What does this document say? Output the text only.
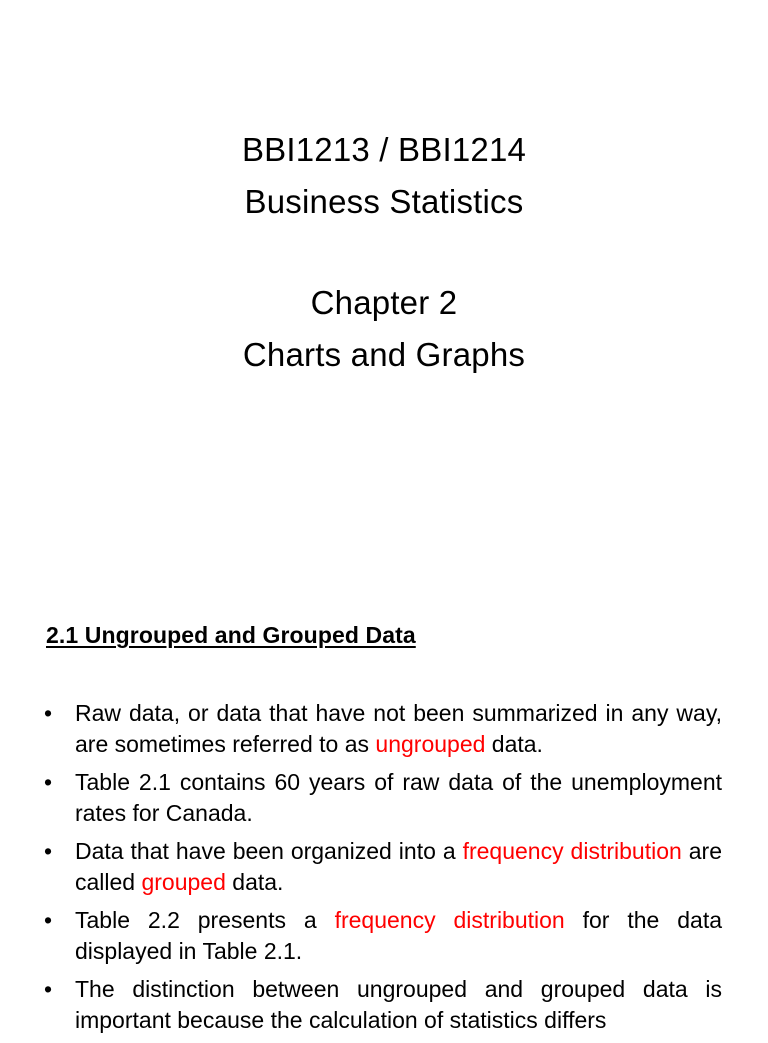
BBI1213 / BBI1214
Business Statistics
Chapter 2
Charts and Graphs
2.1 Ungrouped and Grouped Data
• Raw data, or data that have not been summarized in any way, are sometimes referred to as ungrouped data.
• Table 2.1 contains 60 years of raw data of the unemployment rates for Canada.
• Data that have been organized into a frequency distribution are called grouped data.
• Table 2.2 presents a frequency distribution for the data displayed in Table 2.1.
• The distinction between ungrouped and grouped data is important because the calculation of statistics differs
